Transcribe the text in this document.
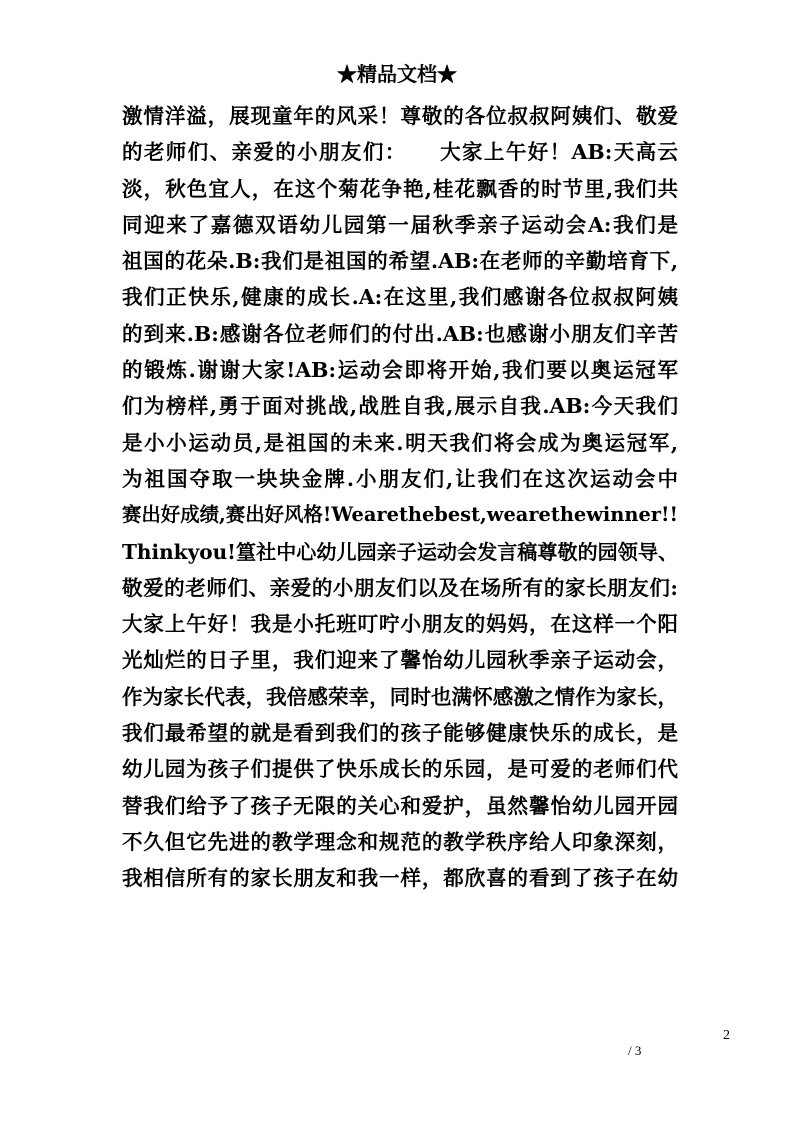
★精品文档★
激情洋溢，展现童年的风采！尊敬的各位叔叔阿姨们、敬爱
的老师们、亲爱的小朋友们：　　大家上午好！AB:天高云
淡，秋色宜人，在这个菊花争艳,桂花飘香的时节里,我们共
同迎来了嘉德双语幼儿园第一届秋季亲子运动会A:我们是
祖国的花朵.B:我们是祖国的希望.AB:在老师的辛勤培育下,
我们正快乐,健康的成长.A:在这里,我们感谢各位叔叔阿姨
的到来.B:感谢各位老师们的付出.AB:也感谢小朋友们辛苦
的锻炼.谢谢大家!AB:运动会即将开始,我们要以奥运冠军
们为榜样,勇于面对挑战,战胜自我,展示自我.AB:今天我们
是小小运动员,是祖国的未来.明天我们将会成为奥运冠军,
为祖国夺取一块块金牌.小朋友们,让我们在这次运动会中
赛出好成绩,赛出好风格!Wearethebest,wearethewinner!!
Thinkyou!篁社中心幼儿园亲子运动会发言稿尊敬的园领导、
敬爱的老师们、亲爱的小朋友们以及在场所有的家长朋友们:
大家上午好！我是小托班叮咛小朋友的妈妈，在这样一个阳
光灿烂的日子里，我们迎来了馨怡幼儿园秋季亲子运动会，
作为家长代表，我倍感荣幸，同时也满怀感激之情作为家长，
我们最希望的就是看到我们的孩子能够健康快乐的成长，是
幼儿园为孩子们提供了快乐成长的乐园，是可爱的老师们代
替我们给予了孩子无限的关心和爱护，虽然馨怡幼儿园开园
不久但它先进的教学理念和规范的教学秩序给人印象深刻，
我相信所有的家长朋友和我一样，都欣喜的看到了孩子在幼
2
/ 3
